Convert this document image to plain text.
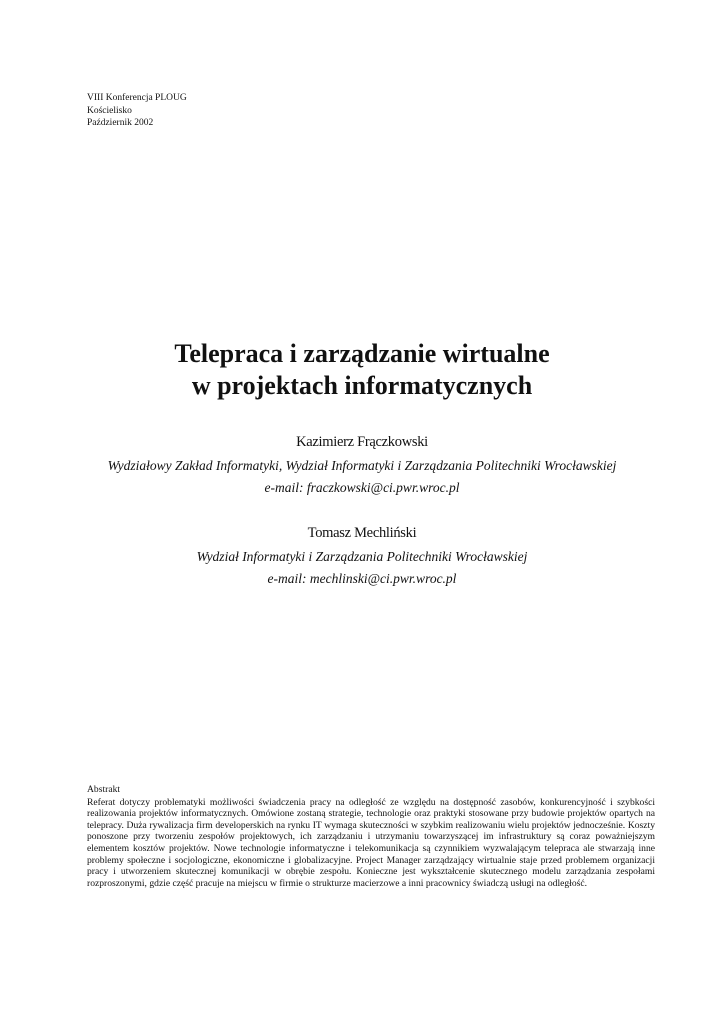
VIII Konferencja PLOUG
Kościelisko
Październik 2002
Telepraca i zarządzanie wirtualne
w projektach informatycznych
Kazimierz Frączkowski
Wydziałowy Zakład Informatyki, Wydział Informatyki i Zarządzania Politechniki Wrocławskiej
e-mail: fraczkowski@ci.pwr.wroc.pl
Tomasz Mechliński
Wydział Informatyki i Zarządzania Politechniki Wrocławskiej
e-mail: mechlinski@ci.pwr.wroc.pl
Abstrakt

Referat dotyczy problematyki możliwości świadczenia pracy na odległość ze względu na dostępność zasobów, konkurencyjność i szybkości realizowania projektów informatycznych. Omówione zostaną strategie, technologie oraz praktyki stosowane przy budowie projektów opartych na telepracy. Duża rywalizacja firm developerskich na rynku IT wymaga skuteczności w szybkim realizowaniu wielu projektów jednocześnie. Koszty ponoszone przy tworzeniu zespołów projektowych, ich zarządzaniu i utrzymaniu towarzyszącej im infrastruktury są coraz poważniejszym elementem kosztów projektów. Nowe technologie informatyczne i telekomunikacja są czynnikiem wyzwalającym telepraca ale stwarzają inne problemy społeczne i socjologiczne, ekonomiczne i globalizacyjne. Project Manager zarządzający wirtualnie staje przed problemem organizacji pracy i utworzeniem skutecznej komunikacji w obrębie zespołu. Konieczne jest wykształcenie skutecznego modelu zarządzania zespołami rozproszonymi, gdzie część pracuje na miejscu w firmie o strukturze macierzowe a inni pracownicy świadczą usługi na odległość.
